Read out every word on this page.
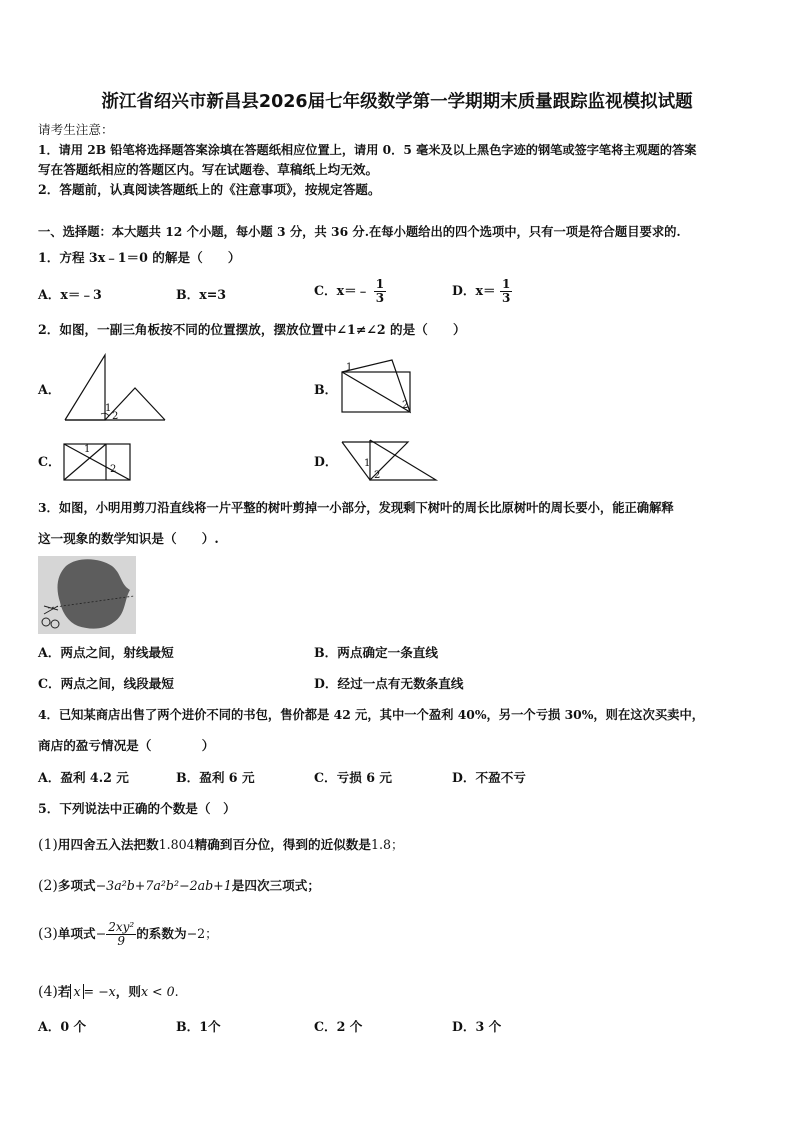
浙江省绍兴市新昌县2026届七年级数学第一学期期末质量跟踪监视模拟试题
请考生注意：
1．请用 2B 铅笔将选择题答案涂填在答题纸相应位置上，请用 0．5 毫米及以上黑色字迹的钢笔或签字笔将主观题的答案
写在答题纸相应的答题区内。写在试题卷、草稿纸上均无效。
2．答题前，认真阅读答题纸上的《注意事项》，按规定答题。
一、选择题：本大题共 12 个小题，每小题 3 分，共 36 分.在每小题给出的四个选项中，只有一项是符合题目要求的.
1．方程 3x﹣1＝0 的解是（　　）
A．x＝﹣3	B．x=3	C．x＝﹣ $\frac{1}{3}$	D．$x= \frac{1}{3}$
2．如图，一副三角板按不同的位置摆放，摆放位置中∠1≠∠2 的是（　　）
A．
1
2
B．
1
2
C．
1
2
D．	1
2
3．如图，小明用剪刀沿直线将一片平整的树叶剪掉一小部分，发现剩下树叶的周长比原树叶的周长要小，能正确解释
这一现象的数学知识是（　　）.
A．两点之间，射线最短	B．两点确定一条直线
C．两点之间，线段最短	D．经过一点有无数条直线
4．已知某商店出售了两个进价不同的书包，售价都是 42 元，其中一个盈利 40%，另一个亏损 30%，则在这次买卖中，
商店的盈亏情况是（　　　　）
A．盈利 4.2 元	B．盈利 6 元	C．亏损 6 元	D．不盈不亏
5．下列说法中正确的个数是（　）
(1)用四舍五入法把数1.804精确到百分位，得到的近似数是1.8；
(2)多项式−3a²b+7a²b²−2ab+1是四次三项式；
(3)单项式− $\frac{\text{2xy²}}{9}$ 的系数为−2；
(4)若 x = −x，则x < 0.
A．0 个	B．1个	C．2 个	D．3 个
